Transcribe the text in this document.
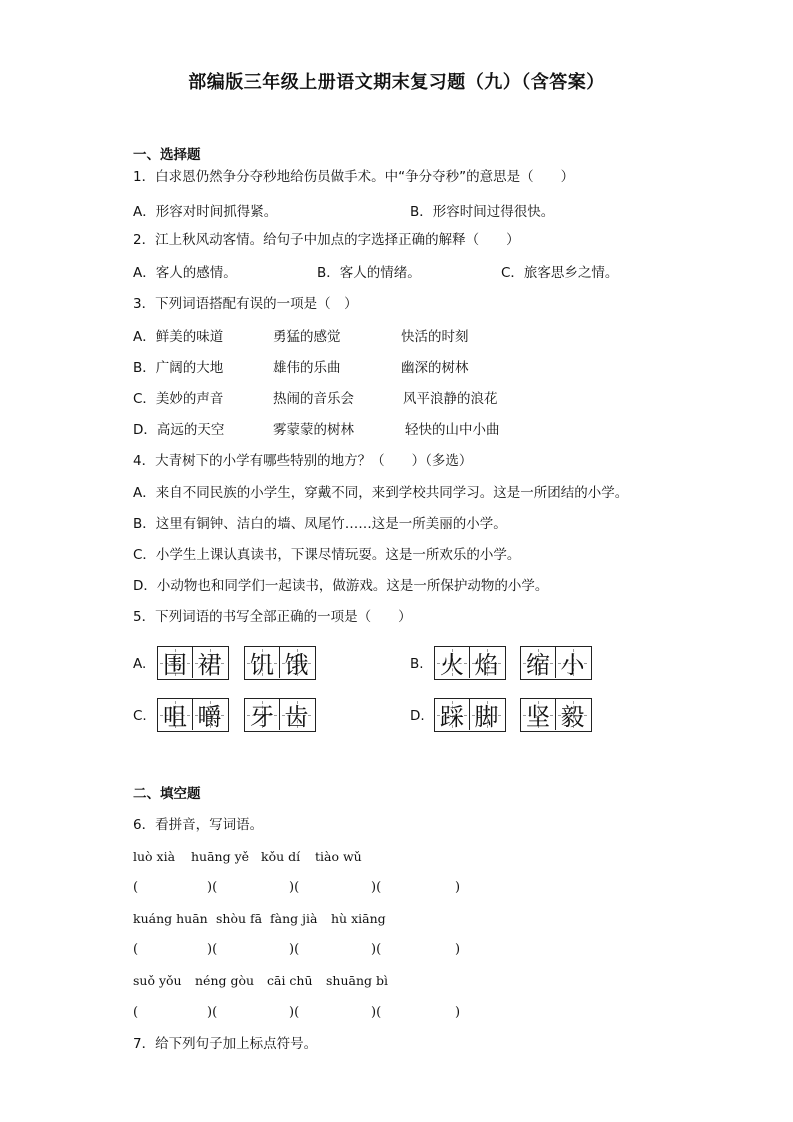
部编版三年级上册语文期末复习题（九）（含答案）
一、选择题
1．白求恩仍然争分夺秒地给伤员做手术。中“争分夺秒”的意思是（　　）
A．形容对时间抓得紧。	B．形容时间过得很快。
2．江上秋风动客情。给句子中加点的字选择正确的解释（　　）
A．客人的感情。	B．客人的情绪。	C．旅客思乡之情。
3．下列词语搭配有误的一项是（　）
A．鲜美的味道	勇猛的感觉	快活的时刻
B．广阔的大地	雄伟的乐曲	幽深的树林
C．美妙的声音	热闹的音乐会	风平浪静的浪花
D．高远的天空	雾蒙蒙的树林	轻快的山中小曲
4．大青树下的小学有哪些特别的地方？（　　）（多选）
A．来自不同民族的小学生，穿戴不同，来到学校共同学习。这是一所团结的小学。
B．这里有铜钟、洁白的墙、凤尾竹……这是一所美丽的小学。
C．小学生上课认真读书，下课尽情玩耍。这是一所欢乐的小学。
D．小动物也和同学们一起读书，做游戏。这是一所保护动物的小学。
5．下列词语的书写全部正确的一项是（　　）
A. 围 裙 饥 饿	B. 火 焰 缩 小
C. 咀 嚼 牙 齿	D. 踩 脚 坚 毅
二、填空题
6．看拼音，写词语。
luò xià huāng yě kǒu dí tiào wǔ
(	)(	)(	)(	)
kuáng huān shòu fā fàng jià hù xiāng
(	)(	)(	)(	)
suǒ yǒu néng gòu cāi chū shuāng bì
(	)(	)(	)(	)
7．给下列句子加上标点符号。
